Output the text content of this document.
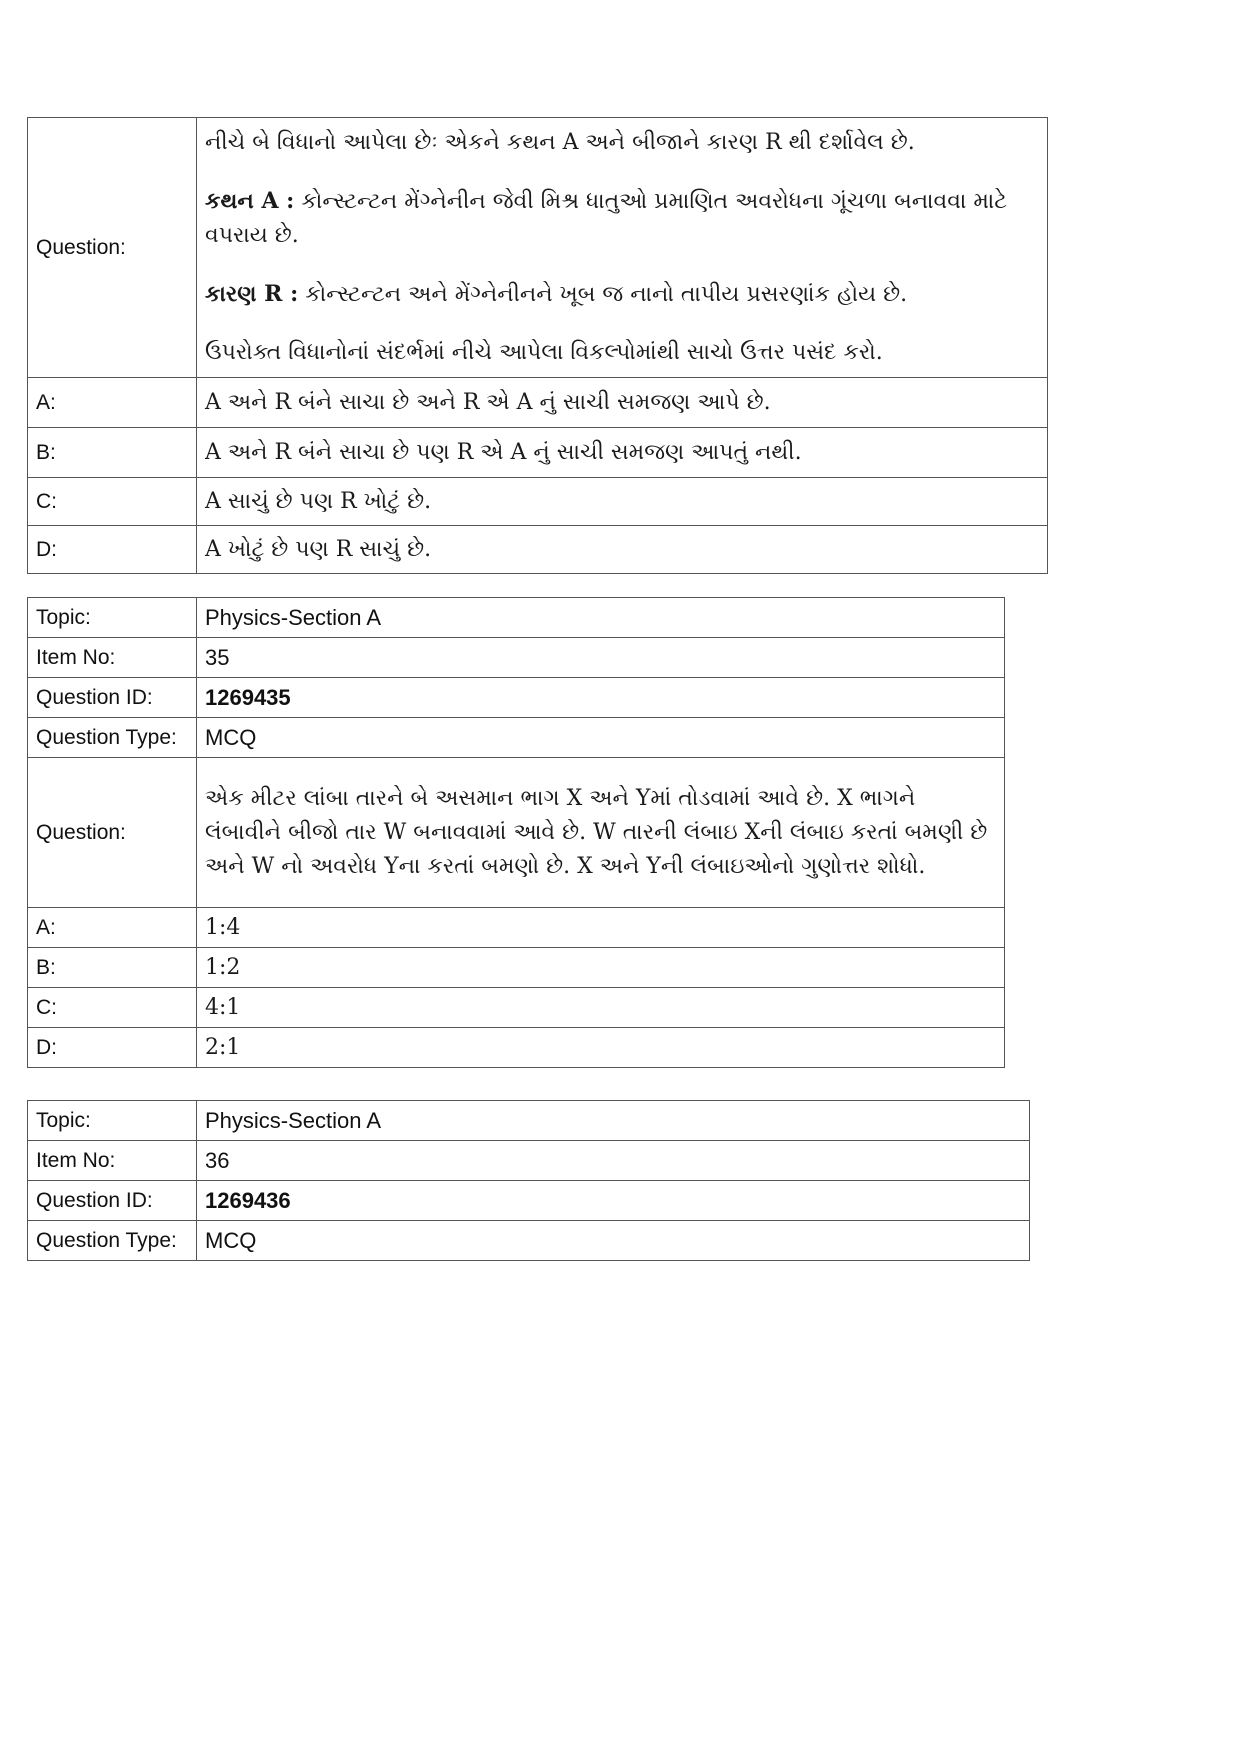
Question:	નીચે બે વિધાનો આપેલા છેઃ એકને કથન A અને બીજાને કારણ R થી દર્શાવેલ છે.

કથન A : કોન્સ્ટન્ટન મેંગ્નેનીન જેવી મિશ્ર ધાતુઓ પ્રમાણિત અવરોધના ગૂંચળા બનાવવા માટે વપરાય છે.

કારણ R : કોન્સ્ટન્ટન અને મેંગ્નેનીનને ખૂબ જ નાનો તાપીય પ્રસરણાંક હોય છે.

ઉપરોક્ત વિધાનોનાં સંદર્ભમાં નીચે આપેલા વિકલ્પોમાંથી સાચો ઉત્તર પસંદ કરો.

A:	A અને R બંને સાચા છે અને R એ A નું સાચી સમજણ આપે છે.
B:	A અને R બંને સાચા છે પણ R એ A નું સાચી સમજણ આપતું નથી.
C:	A સાચું છે પણ R ખોટું છે.
D:	A ખોટું છે પણ R સાચું છે.
Topic:	Physics-Section A
Item No:	35
Question ID:	1269435
Question Type:	MCQ
Question:	એક મીટર લાંબા તારને બે અસમાન ભાગ X અને Yમાં તોડવામાં આવે છે. X ભાગને લંબાવીને બીજો તાર W બનાવવામાં આવે છે. W તારની લંબાઇ Xની લંબાઇ કરતાં બમણી છે અને W નો અવરોધ Yના કરતાં બમણો છે. X અને Yની લંબાઇઓનો ગુણોત્તર શોધો.
A:	1:4
B:	1:2
C:	4:1
D:	2:1
Topic:	Physics-Section A
Item No:	36
Question ID:	1269436
Question Type:	MCQ
